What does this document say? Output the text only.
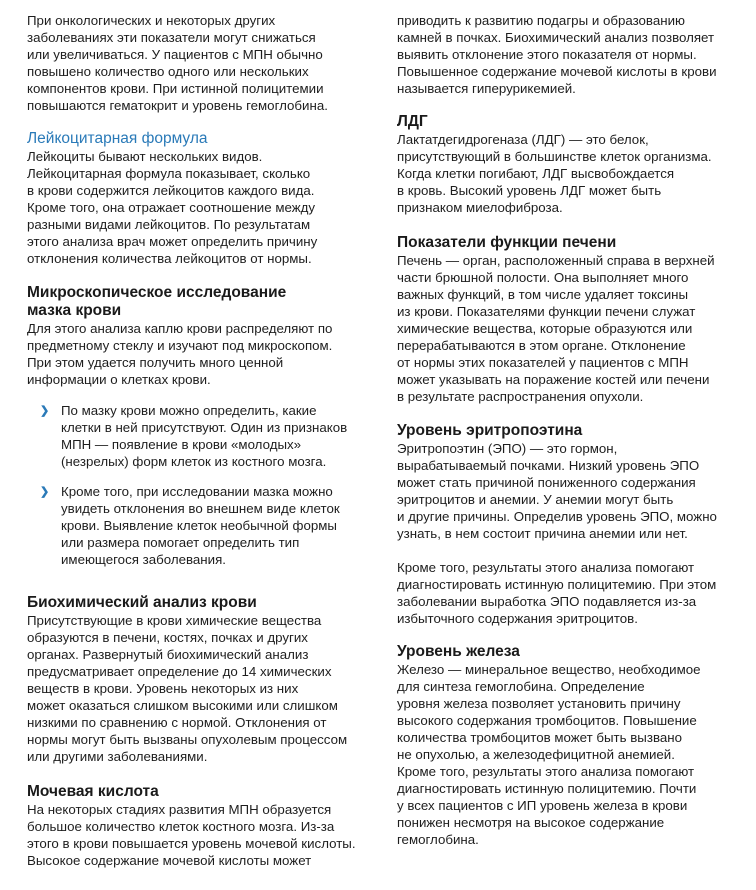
При онкологических и некоторых других
заболеваниях эти показатели могут снижаться
или увеличиваться. У пациентов с МПН обычно
повышено количество одного или нескольких
компонентов крови. При истинной полицитемии
повышаются гематокрит и уровень гемоглобина.
Лейкоцитарная формула
Лейкоциты бывают нескольких видов.
Лейкоцитарная формула показывает, сколько
в крови содержится лейкоцитов каждого вида.
Кроме того, она отражает соотношение между
разными видами лейкоцитов. По результатам
этого анализа врач может определить причину
отклонения количества лейкоцитов от нормы.
Микроскопическое исследование
мазка крови
Для этого анализа каплю крови распределяют по
предметному стеклу и изучают под микроскопом.
При этом удается получить много ценной
информации о клетках крови.
❯ По мазку крови можно определить, какие
клетки в ней присутствуют. Один из признаков
МПН — появление в крови «молодых»
(незрелых) форм клеток из костного мозга.
❯ Кроме того, при исследовании мазка можно
увидеть отклонения во внешнем виде клеток
крови. Выявление клеток необычной формы
или размера помогает определить тип
имеющегося заболевания.
Биохимический анализ крови
Присутствующие в крови химические вещества
образуются в печени, костях, почках и других
органах. Развернутый биохимический анализ
предусматривает определение до 14 химических
веществ в крови. Уровень некоторых из них
может оказаться слишком высокими или слишком
низкими по сравнению с нормой. Отклонения от
нормы могут быть вызваны опухолевым процессом
или другими заболеваниями.
Мочевая кислота
На некоторых стадиях развития МПН образуется
большое количество клеток костного мозга. Из-за
этого в крови повышается уровень мочевой кислоты.
Высокое содержание мочевой кислоты может
приводить к развитию подагры и образованию
камней в почках. Биохимический анализ позволяет
выявить отклонение этого показателя от нормы.
Повышенное содержание мочевой кислоты в крови
называется гиперурикемией.
ЛДГ
Лактатдегидрогеназа (ЛДГ) — это белок,
присутствующий в большинстве клеток организма.
Когда клетки погибают, ЛДГ высвобождается
в кровь. Высокий уровень ЛДГ может быть
признаком миелофиброза.
Показатели функции печени
Печень — орган, расположенный справа в верхней
части брюшной полости. Она выполняет много
важных функций, в том числе удаляет токсины
из крови. Показателями функции печени служат
химические вещества, которые образуются или
перерабатываются в этом органе. Отклонение
от нормы этих показателей у пациентов с МПН
может указывать на поражение костей или печени
в результате распространения опухоли.
Уровень эритропоэтина
Эритропоэтин (ЭПО) — это гормон,
вырабатываемый почками. Низкий уровень ЭПО
может стать причиной пониженного содержания
эритроцитов и анемии. У анемии могут быть
и другие причины. Определив уровень ЭПО, можно
узнать, в нем состоит причина анемии или нет.
Кроме того, результаты этого анализа помогают
диагностировать истинную полицитемию. При этом
заболевании выработка ЭПО подавляется из-за
избыточного содержания эритроцитов.
Уровень железа
Железо — минеральное вещество, необходимое
для синтеза гемоглобина. Определение
уровня железа позволяет установить причину
высокого содержания тромбоцитов. Повышение
количества тромбоцитов может быть вызвано
не опухолью, а железодефицитной анемией.
Кроме того, результаты этого анализа помогают
диагностировать истинную полицитемию. Почти
у всех пациентов с ИП уровень железа в крови
понижен несмотря на высокое содержание
гемоглобина.
